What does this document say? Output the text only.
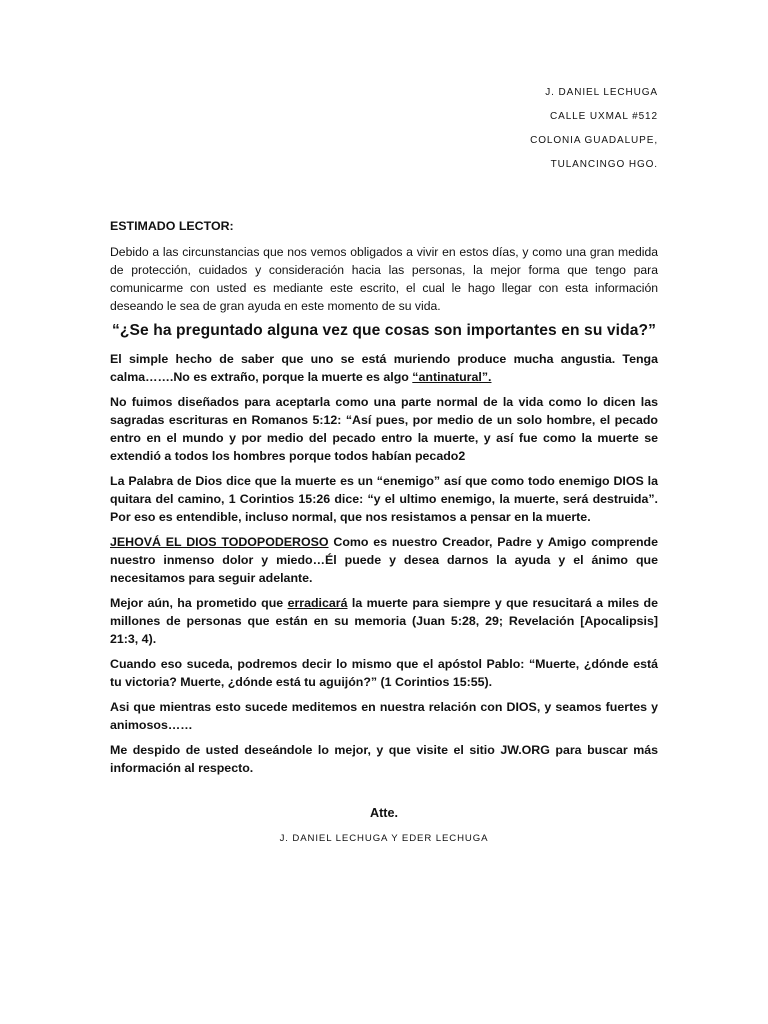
J. DANIEL LECHUGA
CALLE UXMAL #512
COLONIA GUADALUPE,
TULANCINGO HGO.

ESTIMADO LECTOR:

Debido a las circunstancias que nos vemos obligados a vivir en estos días, y como una gran medida de protección, cuidados y consideración hacia las personas, la mejor forma que tengo para comunicarme con usted es mediante este escrito, el cual le hago llegar con esta información deseando le sea de gran ayuda en este momento de su vida.

“¿Se ha preguntado alguna vez que cosas son importantes en su vida?”

El simple hecho de saber que uno se está muriendo produce mucha angustia. Tenga calma…….No es extraño, porque la muerte es algo “antinatural”.

No fuimos diseñados para aceptarla como una parte normal de la vida como lo dicen las sagradas escrituras en Romanos 5:12: “Así pues, por medio de un solo hombre, el pecado entro en el mundo y por medio del pecado entro la muerte, y así fue como la muerte se extendió a todos los hombres porque todos habían pecado2

La Palabra de Dios dice que la muerte es un “enemigo” así que como todo enemigo DIOS la quitara del camino, 1 Corintios 15:26 dice: “y el ultimo enemigo, la muerte, será destruida”. Por eso es entendible, incluso normal, que nos resistamos a pensar en la muerte.

JEHOVÁ EL DIOS TODOPODEROSO Como es nuestro Creador, Padre y Amigo comprende nuestro inmenso dolor y miedo…Él puede y desea darnos la ayuda y el ánimo que necesitamos para seguir adelante.

Mejor aún, ha prometido que erradicará la muerte para siempre y que resucitará a miles de millones de personas que están en su memoria (Juan 5:28, 29; Revelación [Apocalipsis] 21:3, 4).

Cuando eso suceda, podremos decir lo mismo que el apóstol Pablo: “Muerte, ¿dónde está tu victoria? Muerte, ¿dónde está tu aguijón?” (1 Corintios 15:55).

Asi que mientras esto sucede meditemos en nuestra relación con DIOS, y seamos fuertes y animosos……

Me despido de usted deseándole lo mejor, y que visite el sitio JW.ORG para buscar más información al respecto.

Atte.
J. DANIEL LECHUGA Y EDER LECHUGA
